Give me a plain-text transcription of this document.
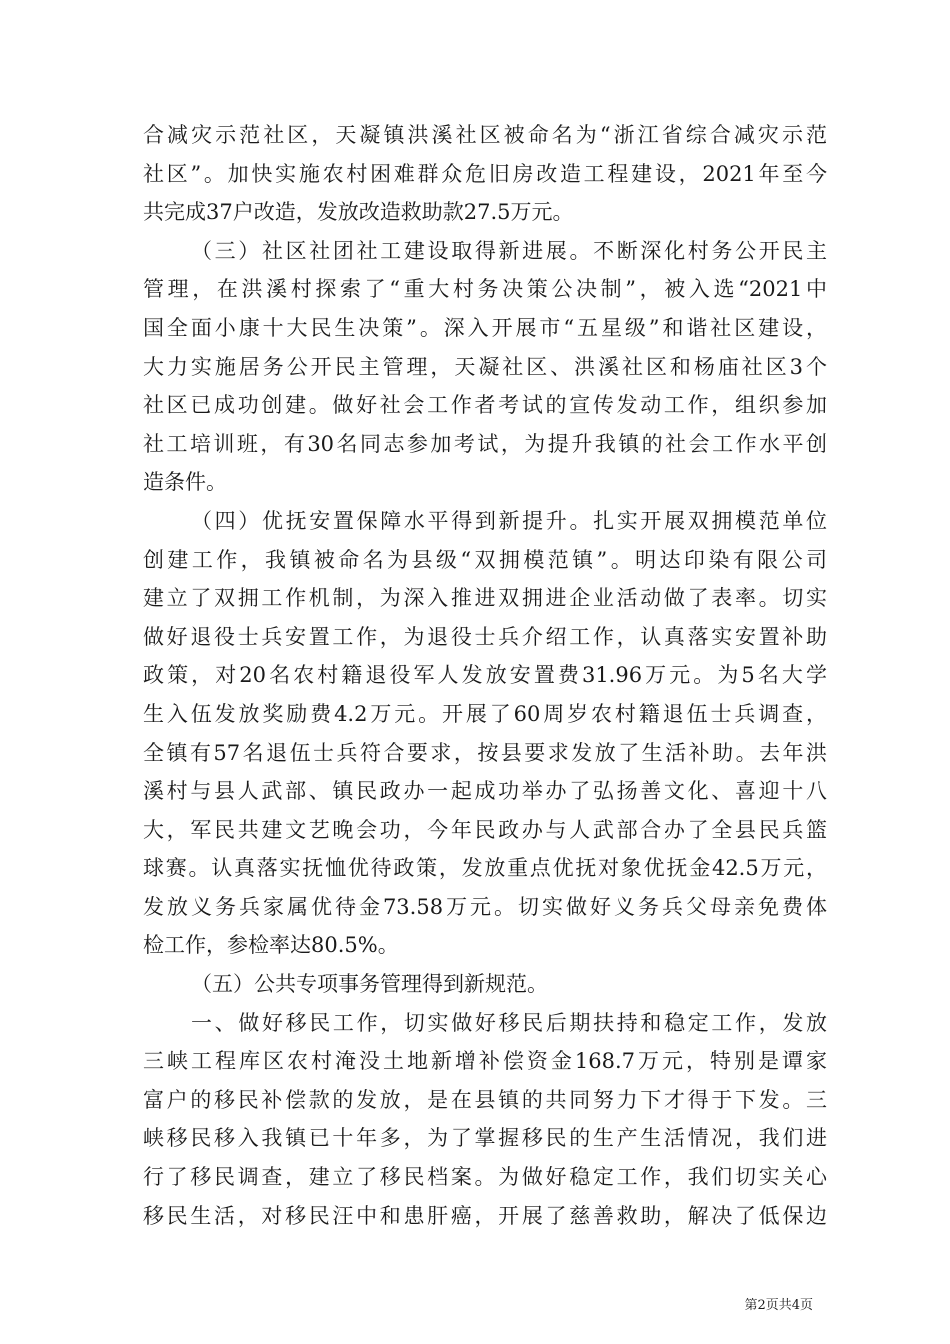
合减灾示范社区，天凝镇洪溪社区被命名为“浙江省综合减灾示范
社区”。加快实施农村困难群众危旧房改造工程建设，2021年至今
共完成37户改造，发放改造救助款27.5万元。
（三）社区社团社工建设取得新进展。不断深化村务公开民主
管理，在洪溪村探索了“重大村务决策公决制”，被入选“2021中
国全面小康十大民生决策”。深入开展市“五星级”和谐社区建设，
大力实施居务公开民主管理，天凝社区、洪溪社区和杨庙社区3个
社区已成功创建。做好社会工作者考试的宣传发动工作，组织参加
社工培训班，有30名同志参加考试，为提升我镇的社会工作水平创
造条件。
（四）优抚安置保障水平得到新提升。扎实开展双拥模范单位
创建工作，我镇被命名为县级“双拥模范镇”。明达印染有限公司
建立了双拥工作机制，为深入推进双拥进企业活动做了表率。切实
做好退役士兵安置工作，为退役士兵介绍工作，认真落实安置补助
政策，对20名农村籍退役军人发放安置费31.96万元。为5名大学
生入伍发放奖励费4.2万元。开展了60周岁农村籍退伍士兵调查，
全镇有57名退伍士兵符合要求，按县要求发放了生活补助。去年洪
溪村与县人武部、镇民政办一起成功举办了弘扬善文化、喜迎十八
大，军民共建文艺晚会功，今年民政办与人武部合办了全县民兵篮
球赛。认真落实抚恤优待政策，发放重点优抚对象优抚金42.5万元，
发放义务兵家属优待金73.58万元。切实做好义务兵父母亲免费体
检工作，参检率达80.5%。
（五）公共专项事务管理得到新规范。
一、做好移民工作，切实做好移民后期扶持和稳定工作，发放
三峡工程库区农村淹没土地新增补偿资金168.7万元，特别是谭家
富户的移民补偿款的发放，是在县镇的共同努力下才得于下发。三
峡移民移入我镇已十年多，为了掌握移民的生产生活情况，我们进
行了移民调查，建立了移民档案。为做好稳定工作，我们切实关心
移民生活，对移民汪中和患肝癌，开展了慈善救助，解决了低保边
第2页共4页
